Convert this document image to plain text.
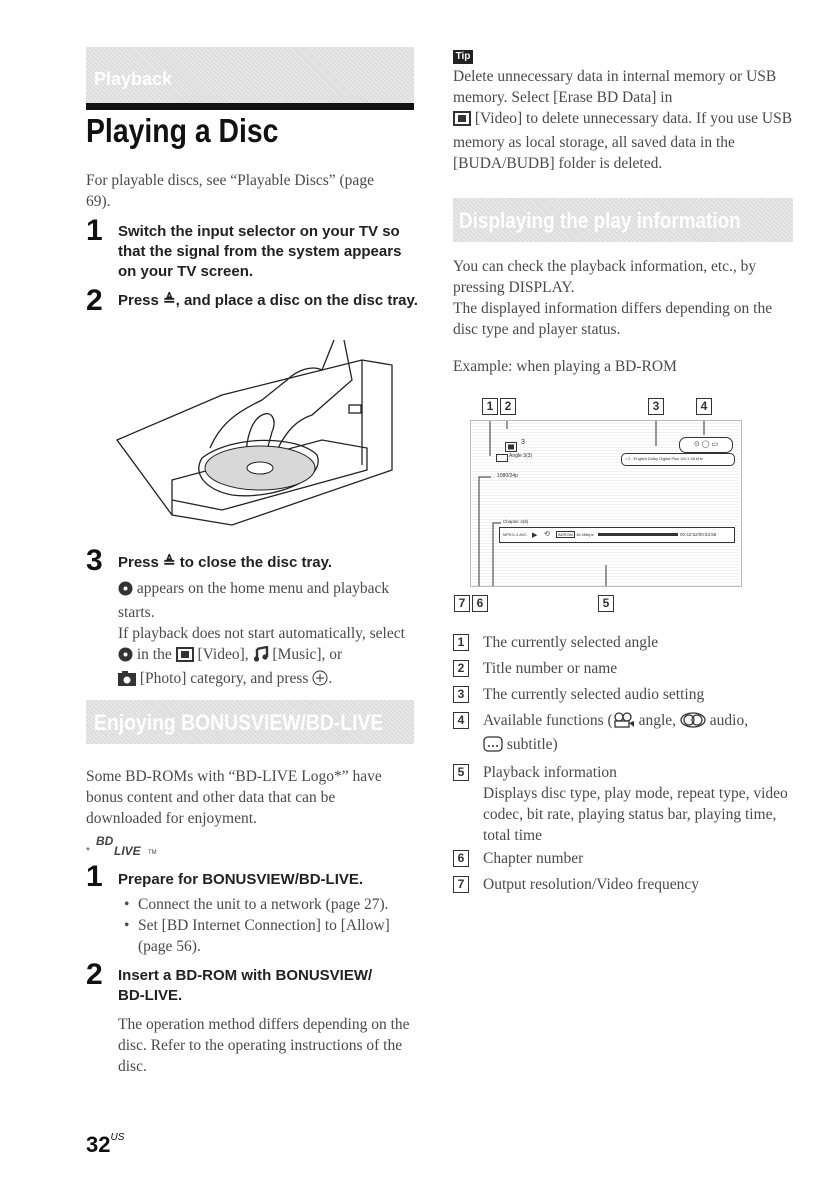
Playback
Playing a Disc
For playable discs, see “Playable Discs” (page 69).
1 Switch the input selector on your TV so that the signal from the system appears on your TV screen.
2 Press ≜, and place a disc on the disc tray.
3 Press ≜ to close the disc tray.
appears on the home menu and playback starts.
If playback does not start automatically, select  in the [Video], [Music], or
[Photo] category, and press .
Enjoying BONUSVIEW/BD-LIVE
Some BD-ROMs with “BD-LIVE Logo*” have bonus content and other data that can be downloaded for enjoyment.
*
BD
LIVE TM
1 Prepare for BONUSVIEW/BD-LIVE.
• Connect the unit to a network (page 27).
• Set [BD Internet Connection] to [Allow] (page 56).
2 Insert a BD-ROM with BONUSVIEW/ BD-LIVE.
The operation method differs depending on the disc. Refer to the operating instructions of the disc.
$32^{US}$
Tip
Delete unnecessary data in internal memory or USB memory. Select [Erase BD Data] in
[Video] to delete unnecessary data. If you use USB memory as local storage, all saved data in the [BUDA/BUDB] folder is deleted.
Displaying the play information
You can check the playback information, etc., by pressing DISPLAY.
The displayed information differs depending on the disc type and player status.
Example: when playing a BD-ROM
1 2	3	4
3
Angle 3(3)
1080/24p
⊙ ◯ ▭
♪ 2 : English Dolby Digital Plus 3/4.1 48 kHz
Chapter 4(9)
MPEG-4 AVC ▶ ⟲	BDROM 16.9Mbps	00:42:52/00:53:58
7 6	5
1	The currently selected angle
2	Title number or name
3	The currently selected audio setting
4	Available functions ( angle, audio,
subtitle)
5	Playback information
Displays disc type, play mode, repeat type, video codec, bit rate, playing status bar, playing time, total time
6	Chapter number
7	Output resolution/Video frequency
